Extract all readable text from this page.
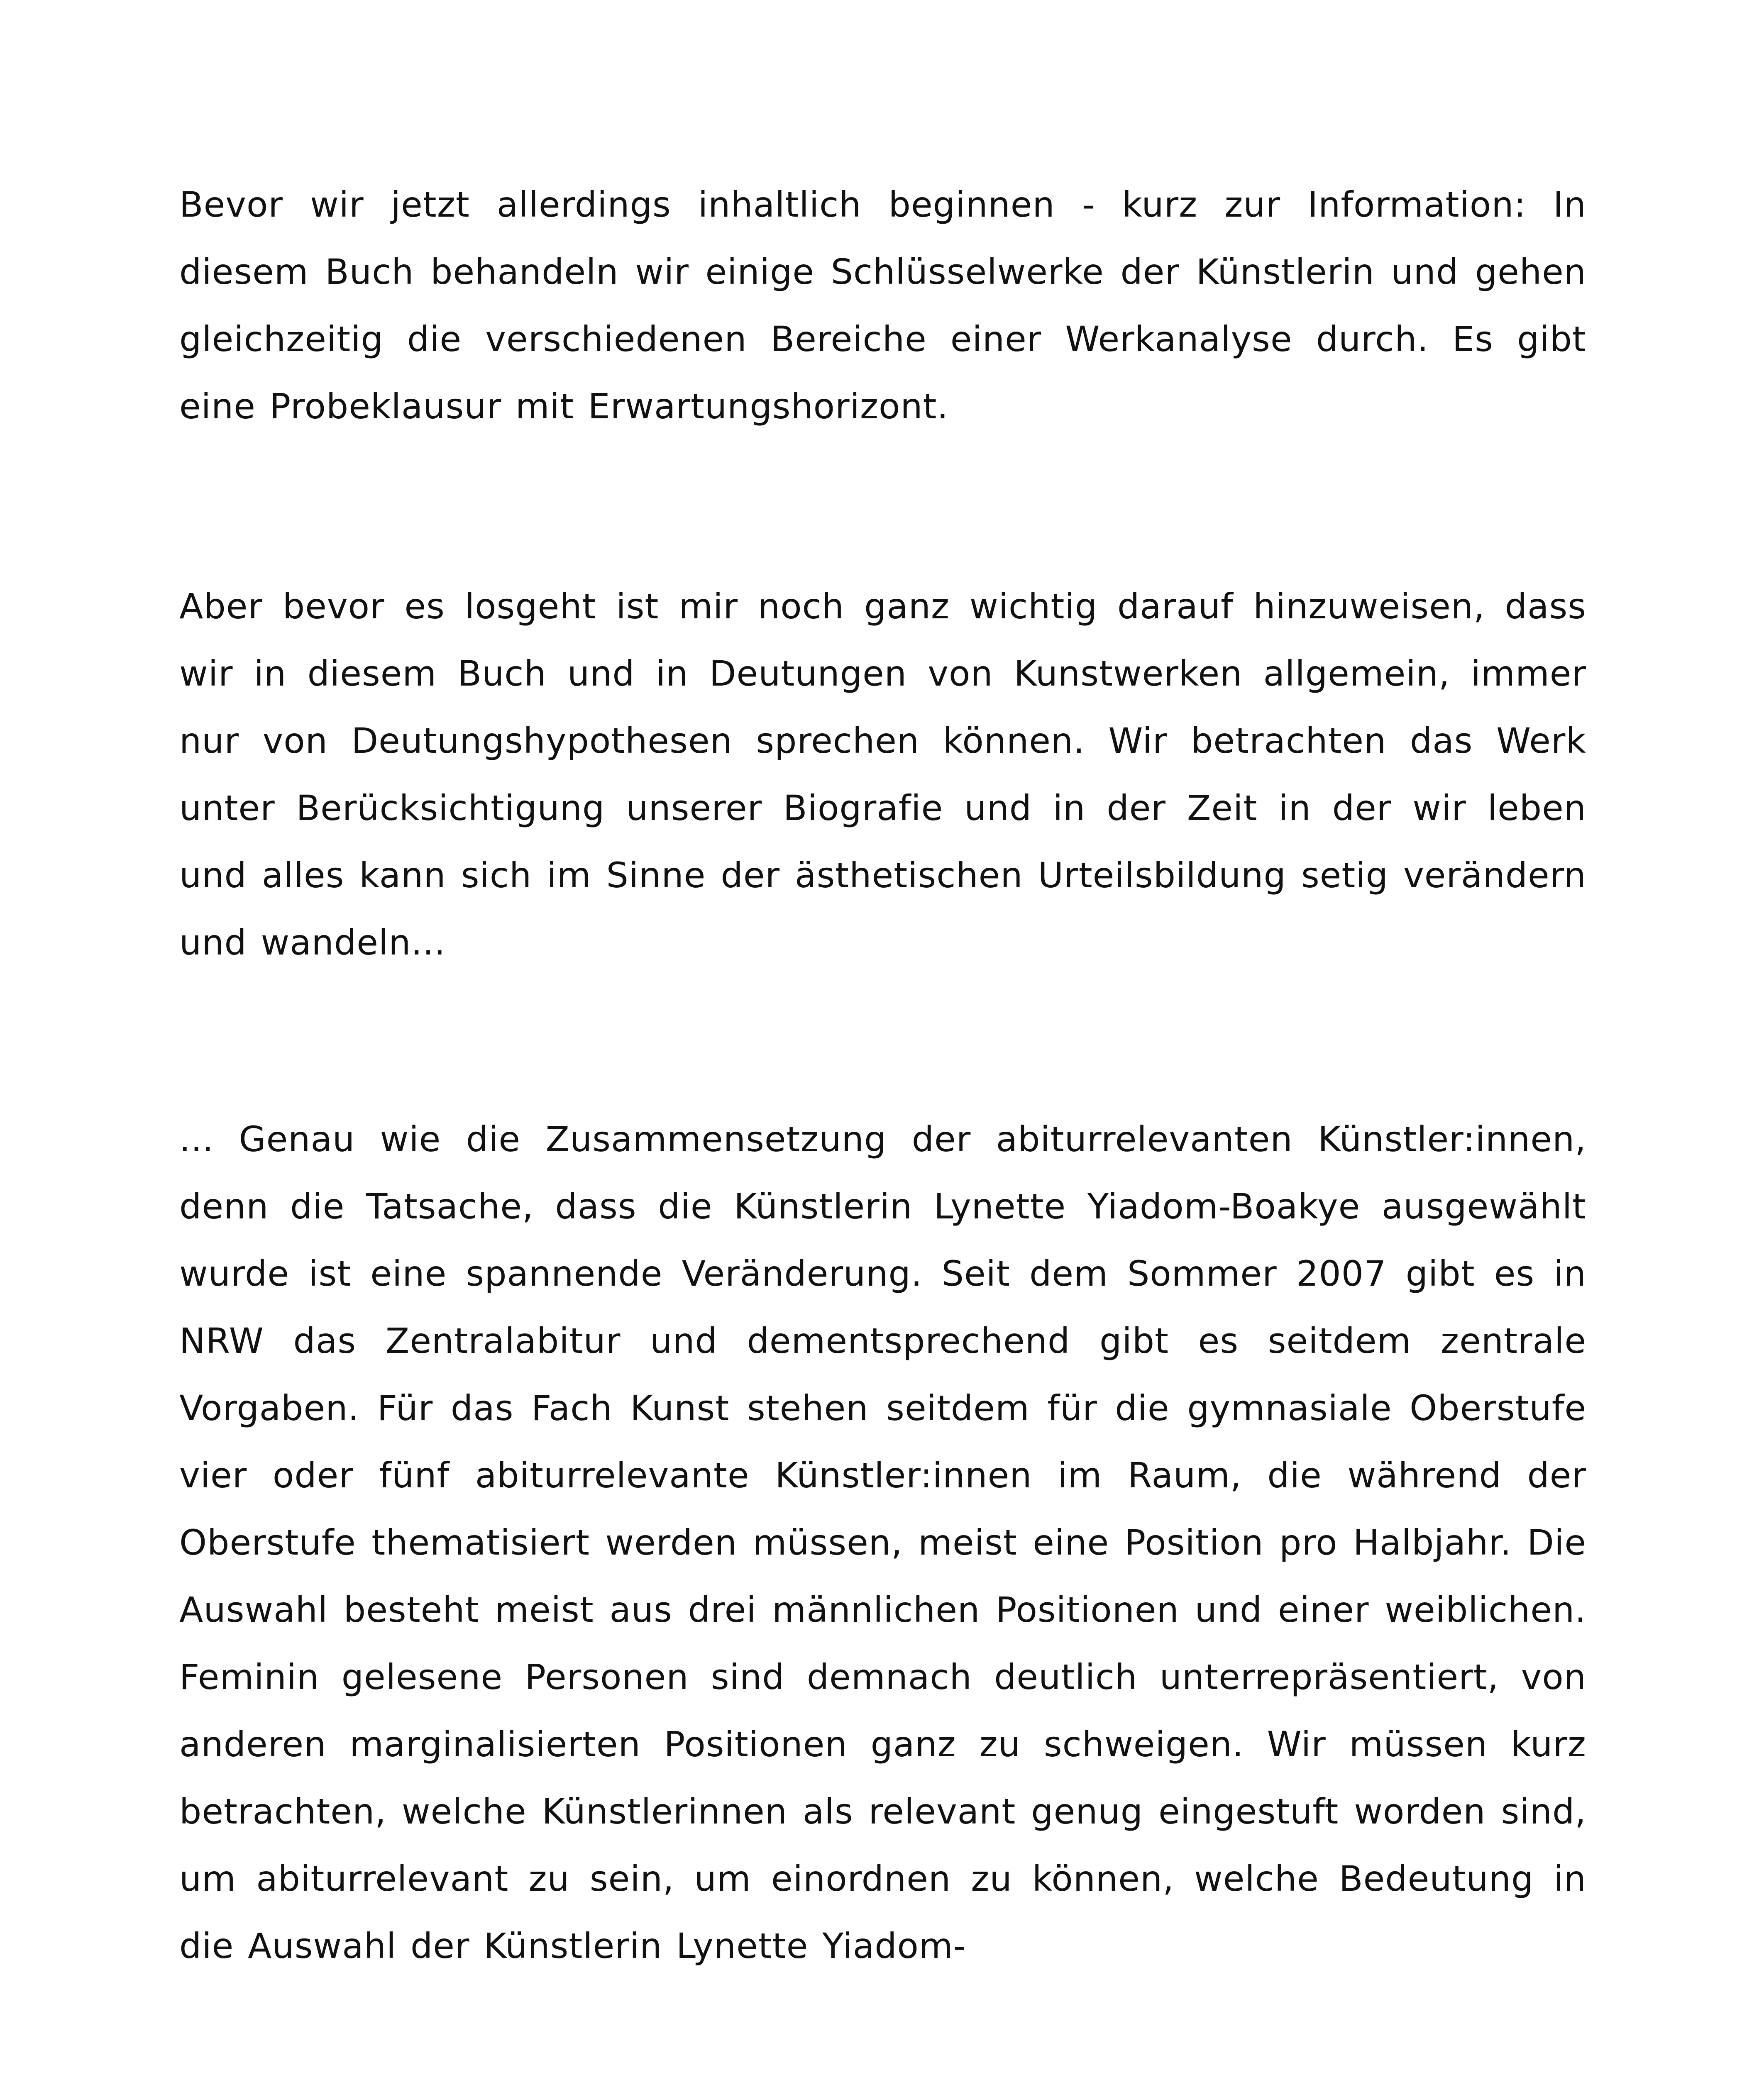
Bevor wir jetzt allerdings inhaltlich beginnen - kurz zur Information: In diesem Buch behandeln wir einige Schlüsselwerke der Künstlerin und gehen gleichzeitig die verschiedenen Bereiche einer Werkanalyse durch. Es gibt eine Probeklausur mit Erwartungshorizont.

Aber bevor es losgeht ist mir noch ganz wichtig darauf hinzuweisen, dass wir in diesem Buch und in Deutungen von Kunstwerken allgemein, immer nur von Deutungshypothesen sprechen können. Wir betrachten das Werk unter Berücksichtigung unserer Biografie und in der Zeit in der wir leben und alles kann sich im Sinne der ästhetischen Urteilsbildung setig verändern und wandeln...

... Genau wie die Zusammensetzung der abiturrelevanten Künstler:innen, denn die Tatsache, dass die Künstlerin Lynette Yiadom-Boakye ausgewählt wurde ist eine spannende Veränderung. Seit dem Sommer 2007 gibt es in NRW das Zentralabitur und dementsprechend gibt es seitdem zentrale Vorgaben. Für das Fach Kunst stehen seitdem für die gymnasiale Oberstufe vier oder fünf abiturrelevante Künstler:innen im Raum, die während der Oberstufe thematisiert werden müssen, meist eine Position pro Halbjahr. Die Auswahl besteht meist aus drei männlichen Positionen und einer weiblichen. Feminin gelesene Personen sind demnach deutlich unterrepräsentiert, von anderen marginalisierten Positionen ganz zu schweigen. Wir müssen kurz betrachten, welche Künstlerinnen als relevant genug eingestuft worden sind, um abiturrelevant zu sein, um einordnen zu können, welche Bedeutung in die Auswahl der Künstlerin Lynette Yiadom-
